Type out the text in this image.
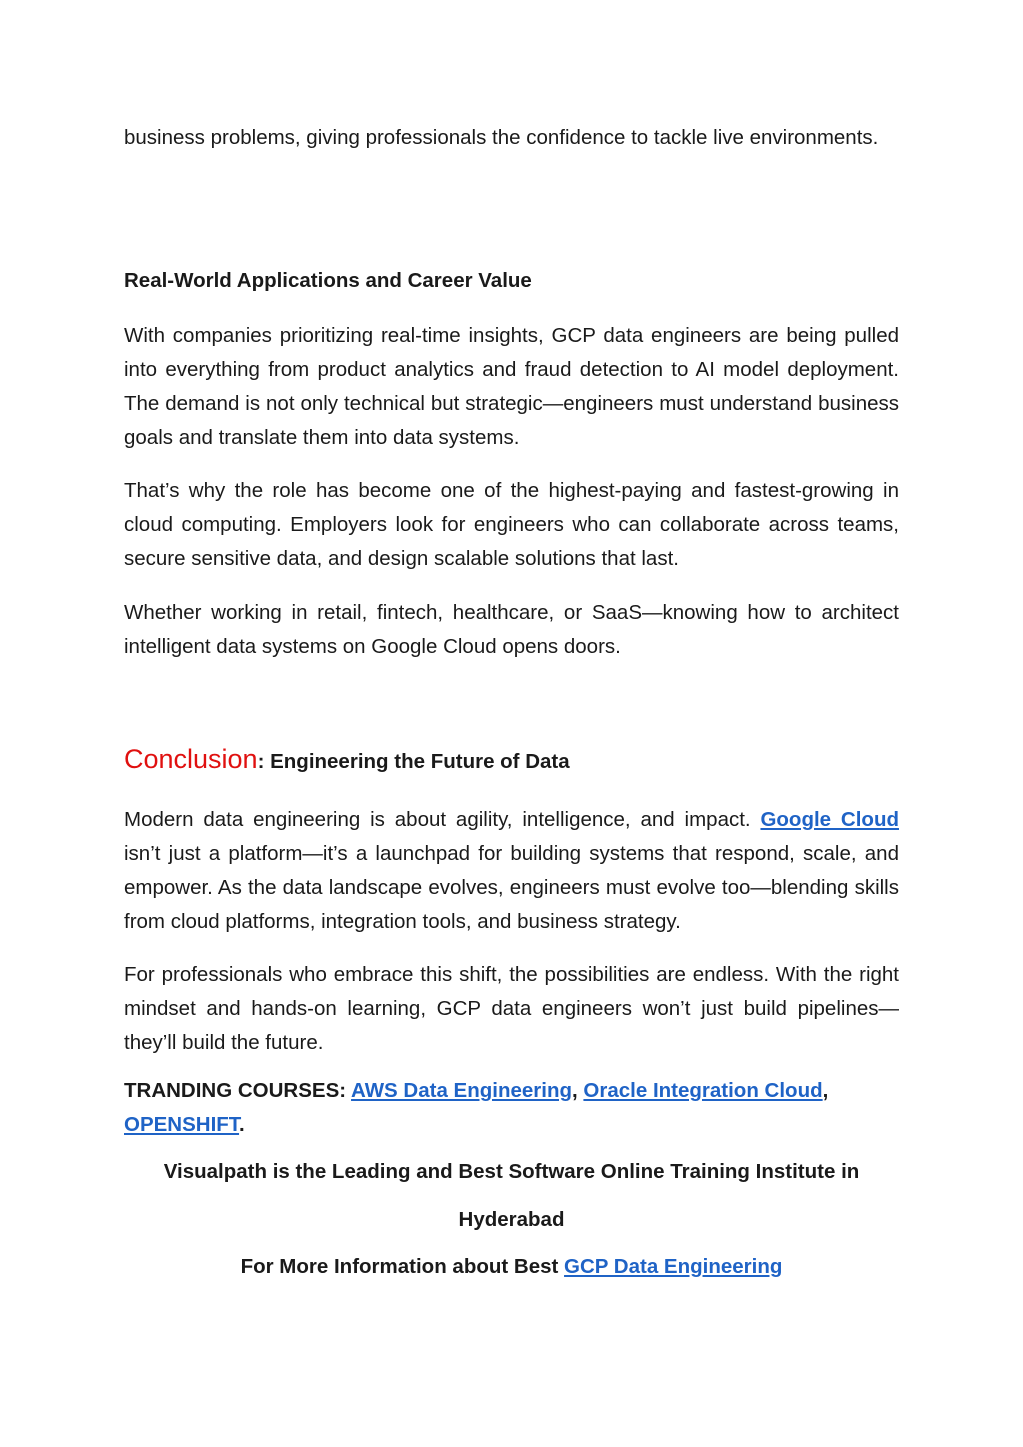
business problems, giving professionals the confidence to tackle live environments.

Real-World Applications and Career Value

With companies prioritizing real-time insights, GCP data engineers are being pulled into everything from product analytics and fraud detection to AI model deployment. The demand is not only technical but strategic—engineers must understand business goals and translate them into data systems.

That’s why the role has become one of the highest-paying and fastest-growing in cloud computing. Employers look for engineers who can collaborate across teams, secure sensitive data, and design scalable solutions that last.

Whether working in retail, fintech, healthcare, or SaaS—knowing how to architect intelligent data systems on Google Cloud opens doors.

Conclusion: Engineering the Future of Data

Modern data engineering is about agility, intelligence, and impact. Google Cloud isn’t just a platform—it’s a launchpad for building systems that respond, scale, and empower. As the data landscape evolves, engineers must evolve too—blending skills from cloud platforms, integration tools, and business strategy.

For professionals who embrace this shift, the possibilities are endless. With the right mindset and hands-on learning, GCP data engineers won’t just build pipelines—they’ll build the future.

TRANDING COURSES: AWS Data Engineering, Oracle Integration Cloud,
OPENSHIFT.

Visualpath is the Leading and Best Software Online Training Institute in

Hyderabad

For More Information about Best GCP Data Engineering
